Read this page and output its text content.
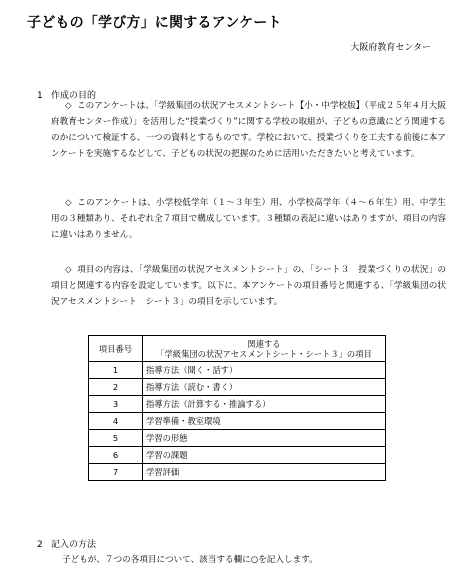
子どもの「学び方」に関するアンケート
大阪府教育センター
1 作成の目的

◇ このアンケートは、「学級集団の状況アセスメントシート【小・中学校版】（平成２５年４月大阪府教育センター作成）」を活用した“授業づくり”に関する学校の取組が、子どもの意識にどう関連するのかについて検証する、一つの資料とするものです。学校において、授業づくりを工夫する前後に本アンケートを実施するなどして、子どもの状況の把握のために活用いただきたいと考えています。

◇ このアンケートは、小学校低学年（１～３年生）用、小学校高学年（４～６年生）用、中学生用の３種類あり、それぞれ全７項目で構成しています。３種類の表記に違いはありますが、項目の内容に違いはありません。

◇ 項目の内容は、「学級集団の状況アセスメントシート」の、「シート３　授業づくりの状況」の項目と関連する内容を設定しています。以下に、本アンケートの項目番号と関連する、「学級集団の状況アセスメントシート　シート３」の項目を示しています。

項目番号	関連する
「学級集団の状況アセスメントシート・シート３」の項目

1	指導方法（聞く・話す）
2	指導方法（読む・書く）
3	指導方法（計算する・推論する）
4	学習準備・教室環境
5	学習の形態
6	学習の課題
7	学習評価
2 記入の方法
子どもが、７つの各項目について、該当する欄に○を記入します。
